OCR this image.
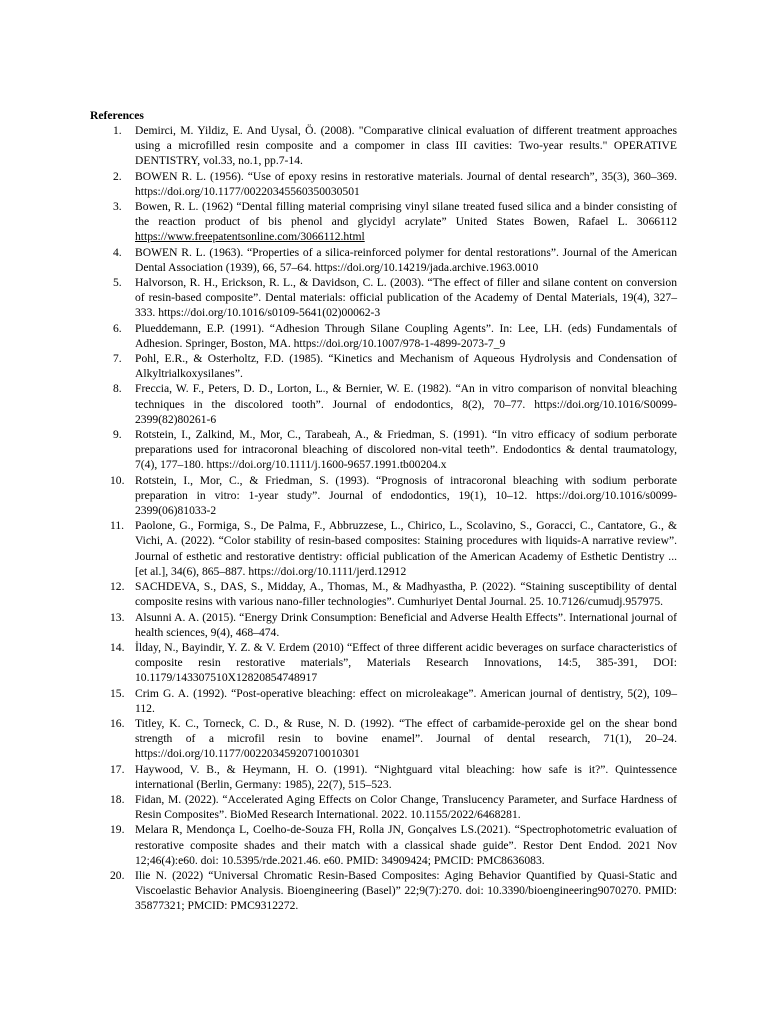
References
1.	Demirci, M. Yildiz, E. And Uysal, Ö. (2008). "Comparative clinical evaluation of different treatment approaches using a microfilled resin composite and a compomer in class III cavities: Two-year results." OPERATIVE DENTISTRY, vol.33, no.1, pp.7-14.
2.	BOWEN R. L. (1956). “Use of epoxy resins in restorative materials. Journal of dental research”, 35(3), 360–369. https://doi.org/10.1177/00220345560350030501
3.	Bowen, R. L. (1962) “Dental filling material comprising vinyl silane treated fused silica and a binder consisting of the reaction product of bis phenol and glycidyl acrylate” United States Bowen, Rafael L. 3066112 https://www.freepatentsonline.com/3066112.html
4.	BOWEN R. L. (1963). “Properties of a silica-reinforced polymer for dental restorations”. Journal of the American Dental Association (1939), 66, 57–64. https://doi.org/10.14219/jada.archive.1963.0010
5.	Halvorson, R. H., Erickson, R. L., & Davidson, C. L. (2003). “The effect of filler and silane content on conversion of resin-based composite”. Dental materials: official publication of the Academy of Dental Materials, 19(4), 327–333. https://doi.org/10.1016/s0109-5641(02)00062-3
6.	Plueddemann, E.P. (1991). “Adhesion Through Silane Coupling Agents”. In: Lee, LH. (eds) Fundamentals of Adhesion. Springer, Boston, MA. https://doi.org/10.1007/978-1-4899-2073-7_9
7.	Pohl, E.R., & Osterholtz, F.D. (1985). “Kinetics and Mechanism of Aqueous Hydrolysis and Condensation of Alkyltrialkoxysilanes”.
8.	Freccia, W. F., Peters, D. D., Lorton, L., & Bernier, W. E. (1982). “An in vitro comparison of nonvital bleaching techniques in the discolored tooth”. Journal of endodontics, 8(2), 70–77. https://doi.org/10.1016/S0099-2399(82)80261-6
9.	Rotstein, I., Zalkind, M., Mor, C., Tarabeah, A., & Friedman, S. (1991). “In vitro efficacy of sodium perborate preparations used for intracoronal bleaching of discolored non-vital teeth”. Endodontics & dental traumatology, 7(4), 177–180. https://doi.org/10.1111/j.1600-9657.1991.tb00204.x
10. Rotstein, I., Mor, C., & Friedman, S. (1993). “Prognosis of intracoronal bleaching with sodium perborate preparation in vitro: 1-year study”. Journal of endodontics, 19(1), 10–12. https://doi.org/10.1016/s0099-2399(06)81033-2
11. Paolone, G., Formiga, S., De Palma, F., Abbruzzese, L., Chirico, L., Scolavino, S., Goracci, C., Cantatore, G., & Vichi, A. (2022). “Color stability of resin-based composites: Staining procedures with liquids-A narrative review”. Journal of esthetic and restorative dentistry: official publication of the American Academy of Esthetic Dentistry ... [et al.], 34(6), 865–887. https://doi.org/10.1111/jerd.12912
12. SACHDEVA, S., DAS, S., Midday, A., Thomas, M., & Madhyastha, P. (2022). “Staining susceptibility of dental composite resins with various nano-filler technologies”. Cumhuriyet Dental Journal. 25. 10.7126/cumudj.957975.
13. Alsunni A. A. (2015). “Energy Drink Consumption: Beneficial and Adverse Health Effects”. International journal of health sciences, 9(4), 468–474.
14. İlday, N., Bayindir, Y. Z. & V. Erdem (2010) “Effect of three different acidic beverages on surface characteristics of composite resin restorative materials”, Materials Research Innovations, 14:5, 385-391, DOI: 10.1179/143307510X12820854748917
15. Crim G. A. (1992). “Post-operative bleaching: effect on microleakage”. American journal of dentistry, 5(2), 109–112.
16. Titley, K. C., Torneck, C. D., & Ruse, N. D. (1992). “The effect of carbamide-peroxide gel on the shear bond strength of a microfil resin to bovine enamel”. Journal of dental research, 71(1), 20–24. https://doi.org/10.1177/00220345920710010301
17. Haywood, V. B., & Heymann, H. O. (1991). “Nightguard vital bleaching: how safe is it?”. Quintessence international (Berlin, Germany: 1985), 22(7), 515–523.
18. Fidan, M. (2022). “Accelerated Aging Effects on Color Change, Translucency Parameter, and Surface Hardness of Resin Composites”. BioMed Research International. 2022. 10.1155/2022/6468281.
19. Melara R, Mendonça L, Coelho-de-Souza FH, Rolla JN, Gonçalves LS.(2021). “Spectrophotometric evaluation of restorative composite shades and their match with a classical shade guide”. Restor Dent Endod. 2021 Nov 12;46(4):e60. doi: 10.5395/rde.2021.46. e60. PMID: 34909424; PMCID: PMC8636083.
20. Ilie N. (2022) “Universal Chromatic Resin-Based Composites: Aging Behavior Quantified by Quasi-Static and Viscoelastic Behavior Analysis. Bioengineering (Basel)” 22;9(7):270. doi: 10.3390/bioengineering9070270. PMID: 35877321; PMCID: PMC9312272.
